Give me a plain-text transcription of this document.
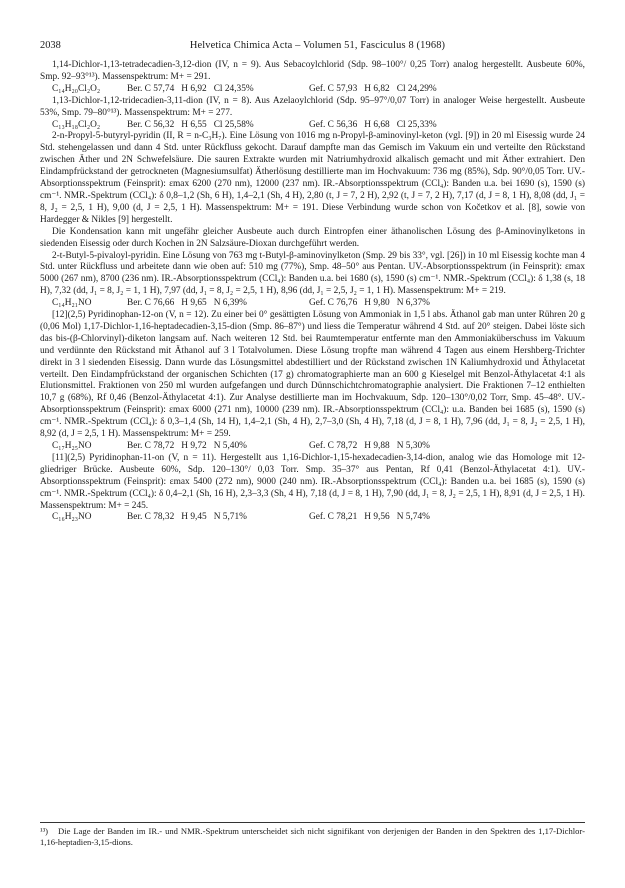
2038	Helvetica Chimica Acta – Volumen 51, Fasciculus 8 (1968)

1,14-Dichlor-1,13-tetradecadien-3,12-dion (IV, n = 9). Aus Sebacoylchlorid (Sdp. 98–100°/ 0,25 Torr) analog hergestellt. Ausbeute 60%, Smp. 92–93°¹³). Massenspektrum: M+ = 291.

C₁₄H₂₀Cl₂O₂	Ber. C 57,74   H 6,92   Cl 24,35%	Gef. C 57,93   H 6,82   Cl 24,29%

1,13-Dichlor-1,12-tridecadien-3,11-dion (IV, n = 8). Aus Azelaoylchlorid (Sdp. 95–97°/0,07 Torr) in analoger Weise hergestellt. Ausbeute 53%, Smp. 79–80°¹³). Massenspektrum: M+ = 277.

C₁₃H₁₈Cl₂O₂	Ber. C 56,32   H 6,55   Cl 25,58%	Gef. C 56,36   H 6,68   Cl 25,33%

2-n-Propyl-5-butyryl-pyridin (II, R = n-C₃H₇). Eine Lösung von 1016 mg n-Propyl-β-aminovinyl-keton (vgl. [9]) in 20 ml Eisessig wurde 24 Std. stehengelassen und dann 4 Std. unter Rückfluss gekocht. Darauf dampfte man das Gemisch im Vakuum ein und verteilte den Rückstand zwischen Äther und 2N Schwefelsäure. Die sauren Extrakte wurden mit Natriumhydroxid alkalisch gemacht und mit Äther extrahiert. Den Eindampfrückstand der getrockneten (Magnesiumsulfat) Ätherlösung destillierte man im Hochvakuum: 736 mg (85%), Sdp. 90°/0,05 Torr. UV.-Absorptionsspektrum (Feinsprit): εmax 6200 (270 nm), 12000 (237 nm). IR.-Absorptionsspektrum (CCl₄): Banden u.a. bei 1690 (s), 1590 (s) cm⁻¹. NMR.-Spektrum (CCl₄): δ 0,8–1,2 (Sh, 6 H), 1,4–2,1 (Sh, 4 H), 2,80 (t, J = 7, 2 H), 2,92 (t, J = 7, 2 H), 7,17 (d, J = 8, 1 H), 8,08 (dd, J₁ = 8, J₂ = 2,5, 1 H), 9,00 (d, J = 2,5, 1 H). Massenspektrum: M+ = 191. Diese Verbindung wurde schon von Kočetkov et al. [8], sowie von Hardegger & Nikles [9] hergestellt.

Die Kondensation kann mit ungefähr gleicher Ausbeute auch durch Eintropfen einer äthanolischen Lösung des β-Aminovinylketons in siedenden Eisessig oder durch Kochen in 2N Salzsäure-Dioxan durchgeführt werden.

2-t-Butyl-5-pivaloyl-pyridin. Eine Lösung von 763 mg t-Butyl-β-aminovinylketon (Smp. 29 bis 33°, vgl. [26]) in 10 ml Eisessig kochte man 4 Std. unter Rückfluss und arbeitete dann wie oben auf: 510 mg (77%), Smp. 48–50° aus Pentan. UV.-Absorptionsspektrum (in Feinsprit): εmax 5000 (267 nm), 8700 (236 nm). IR.-Absorptionsspektrum (CCl₄): Banden u.a. bei 1680 (s), 1590 (s) cm⁻¹. NMR.-Spektrum (CCl₄): δ 1,38 (s, 18 H), 7,32 (dd, J₁ = 8, J₂ = 1, 1 H), 7,97 (dd, J₁ = 8, J₂ = 2,5, 1 H), 8,96 (dd, J₁ = 2,5, J₂ = 1, 1 H). Massenspektrum: M+ = 219.

C₁₄H₂₁NO	Ber. C 76,66   H 9,65   N 6,39%	Gef. C 76,76   H 9,80   N 6,37%

[12](2,5) Pyridinophan-12-on (V, n = 12). Zu einer bei 0° gesättigten Lösung von Ammoniak in 1,5 l abs. Äthanol gab man unter Rühren 20 g (0,06 Mol) 1,17-Dichlor-1,16-heptadecadien-3,15-dion (Smp. 86–87°) und liess die Temperatur während 4 Std. auf 20° steigen. Dabei löste sich das bis-(β-Chlorvinyl)-diketon langsam auf. Nach weiteren 12 Std. bei Raumtemperatur entfernte man den Ammoniaküberschuss im Vakuum und verdünnte den Rückstand mit Äthanol auf 3 l Totalvolumen. Diese Lösung tropfte man während 4 Tagen aus einem Hershberg-Trichter direkt in 3 l siedenden Eisessig. Dann wurde das Lösungsmittel abdestilliert und der Rückstand zwischen 1N Kaliumhydroxid und Äthylacetat verteilt. Den Eindampfrückstand der organischen Schichten (17 g) chromatographierte man an 600 g Kieselgel mit Benzol-Äthylacetat 4:1 als Elutionsmittel. Fraktionen von 250 ml wurden aufgefangen und durch Dünnschichtchromatographie analysiert. Die Fraktionen 7–12 enthielten 10,7 g (68%), Rf 0,46 (Benzol-Äthylacetat 4:1). Zur Analyse destillierte man im Hochvakuum, Sdp. 120–130°/0,02 Torr, Smp. 45–48°. UV.-Absorptionsspektrum (Feinsprit): εmax 6000 (271 nm), 10000 (239 nm). IR.-Absorptionsspektrum (CCl₄): u.a. Banden bei 1685 (s), 1590 (s) cm⁻¹. NMR.-Spektrum (CCl₄): δ 0,3–1,4 (Sh, 14 H), 1,4–2,1 (Sh, 4 H), 2,7–3,0 (Sh, 4 H), 7,18 (d, J = 8, 1 H), 7,96 (dd, J₁ = 8, J₂ = 2,5, 1 H), 8,92 (d, J = 2,5, 1 H). Massenspektrum: M+ = 259.

C₁₇H₂₅NO	Ber. C 78,72   H 9,72   N 5,40%	Gef. C 78,72   H 9,88   N 5,30%

[11](2,5) Pyridinophan-11-on (V, n = 11). Hergestellt aus 1,16-Dichlor-1,15-hexadecadien-3,14-dion, analog wie das Homologe mit 12-gliedriger Brücke. Ausbeute 60%, Sdp. 120–130°/ 0,03 Torr. Smp. 35–37° aus Pentan, Rf 0,41 (Benzol-Äthylacetat 4:1). UV.-Absorptionsspektrum (Feinsprit): εmax 5400 (272 nm), 9000 (240 nm). IR.-Absorptionsspektrum (CCl₄): Banden u.a. bei 1685 (s), 1590 (s) cm⁻¹. NMR.-Spektrum (CCl₄): δ 0,4–2,1 (Sh, 16 H), 2,3–3,3 (Sh, 4 H), 7,18 (d, J = 8, 1 H), 7,90 (dd, J₁ = 8, J₂ = 2,5, 1 H), 8,91 (d, J = 2,5, 1 H). Massenspektrum: M+ = 245.

C₁₆H₂₃NO	Ber. C 78,32   H 9,45   N 5,71%	Gef. C 78,21   H 9,56   N 5,74%
¹³) Die Lage der Banden im IR.- und NMR.-Spektrum unterscheidet sich nicht signifikant von derjenigen der Banden in den Spektren des 1,17-Dichlor-1,16-heptadien-3,15-dions.
